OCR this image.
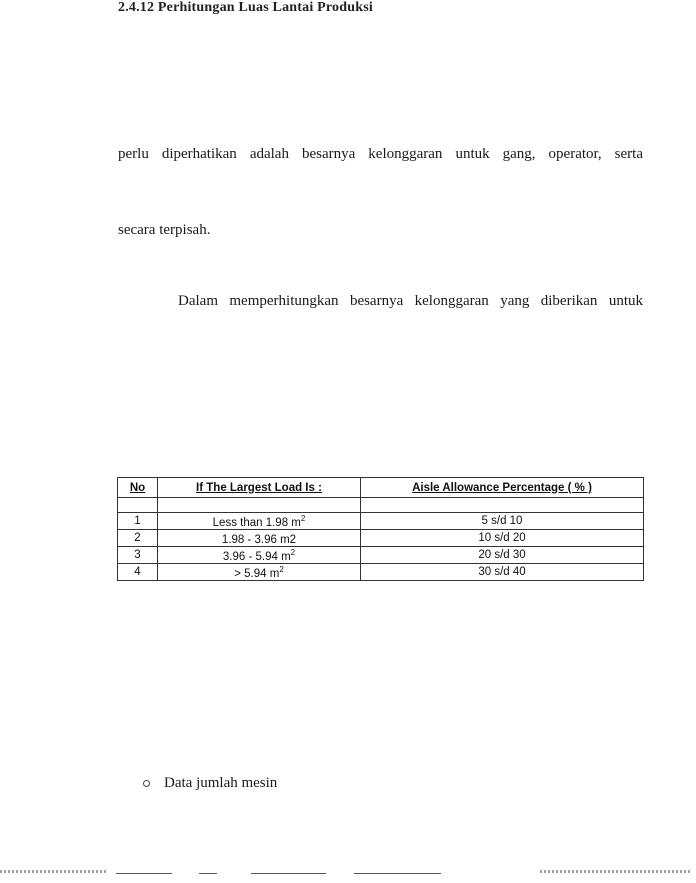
2.4.12 Perhitungan Luas Lantai Produksi
perlu diperhatikan adalah besarnya kelonggaran untuk gang, operator, serta
secara terpisah.
Dalam memperhitungkan besarnya kelonggaran yang diberikan untuk
No	If The Largest Load Is :	Aisle Allowance Percentage ( % )

1	Less than 1.98 $m^2$	5 s/d 10
2	1.98 - 3.96 m2	10 s/d 20
3	3.96 - 5.94 $m^2$	20 s/d 30
4	> 5.94 $m^2$	30 s/d 40
Data jumlah mesin
